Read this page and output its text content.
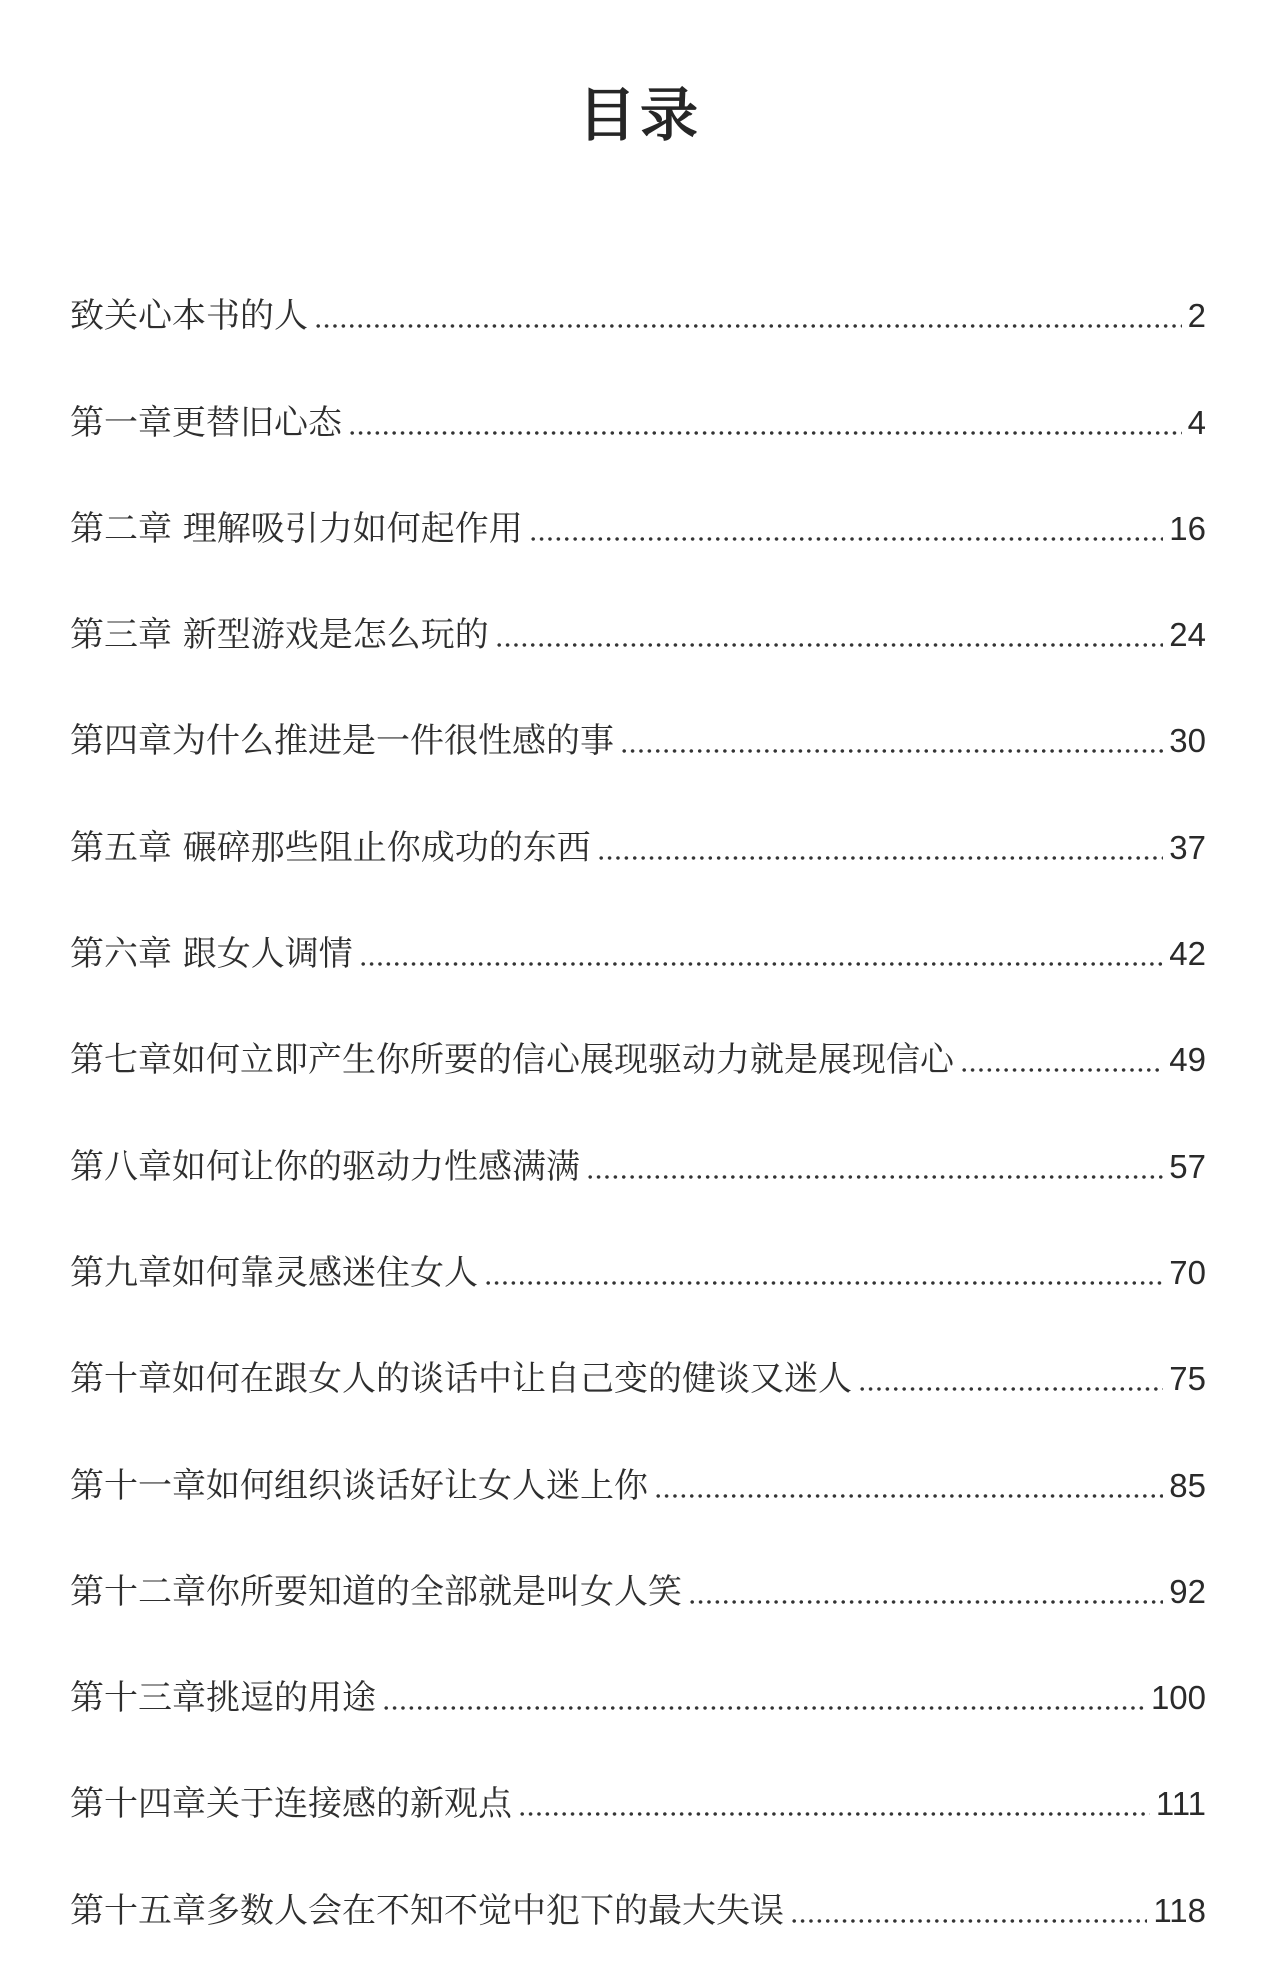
目录
致关心本书的人	2
第一章更替旧心态	4
第二章 理解吸引力如何起作用	16
第三章 新型游戏是怎么玩的	24
第四章为什么推进是一件很性感的事	30
第五章 碾碎那些阻止你成功的东西	37
第六章 跟女人调情	42
第七章如何立即产生你所要的信心展现驱动力就是展现信心	49
第八章如何让你的驱动力性感满满	57
第九章如何靠灵感迷住女人	70
第十章如何在跟女人的谈话中让自己变的健谈又迷人	75
第十一章如何组织谈话好让女人迷上你	85
第十二章你所要知道的全部就是叫女人笑	92
第十三章挑逗的用途	100
第十四章关于连接感的新观点	111
第十五章多数人会在不知不觉中犯下的最大失误	118
